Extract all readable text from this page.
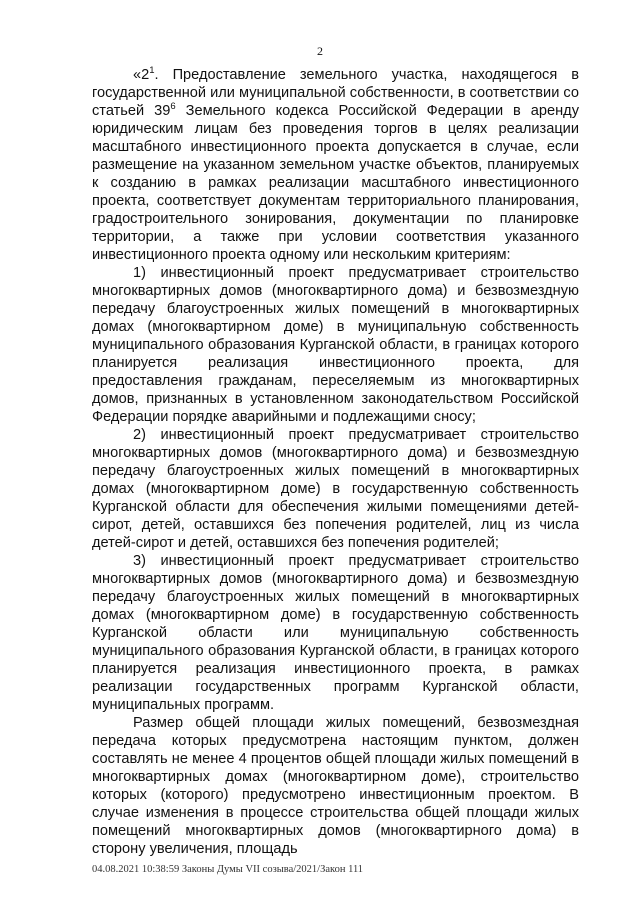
2

«$2^1$. Предоставление земельного участка, находящегося в государственной или муниципальной собственности, в соответствии со статьей $39^6$ Земельного кодекса Российской Федерации в аренду юридическим лицам без проведения торгов в целях реализации масштабного инвестиционного проекта допускается в случае, если размещение на указанном земельном участке объектов, планируемых к созданию в рамках реализации масштабного инвестиционного проекта, соответствует документам территориального планирования, градостроительного зонирования, документации по планировке территории, а также при условии соответствия указанного инвестиционного проекта одному или нескольким критериям:

1) инвестиционный проект предусматривает строительство многоквартирных домов (многоквартирного дома) и безвозмездную передачу благоустроенных жилых помещений в многоквартирных домах (многоквартирном доме) в муниципальную собственность муниципального образования Курганской области, в границах которого планируется реализация инвестиционного проекта, для предоставления гражданам, переселяемым из многоквартирных домов, признанных в установленном законодательством Российской Федерации порядке аварийными и подлежащими сносу;

2) инвестиционный проект предусматривает строительство многоквартирных домов (многоквартирного дома) и безвозмездную передачу благоустроенных жилых помещений в многоквартирных домах (многоквартирном доме) в государственную собственность Курганской области для обеспечения жилыми помещениями детей-сирот, детей, оставшихся без попечения родителей, лиц из числа детей-сирот и детей, оставшихся без попечения родителей;

3) инвестиционный проект предусматривает строительство многоквартирных домов (многоквартирного дома) и безвозмездную передачу благоустроенных жилых помещений в многоквартирных домах (многоквартирном доме) в государственную собственность Курганской области или муниципальную собственность муниципального образования Курганской области, в границах которого планируется реализация инвестиционного проекта, в рамках реализации государственных программ Курганской области, муниципальных программ.

Размер общей площади жилых помещений, безвозмездная передача которых предусмотрена настоящим пунктом, должен составлять не менее 4 процентов общей площади жилых помещений в многоквартирных домах (многоквартирном доме), строительство которых (которого) предусмотрено инвестиционным проектом. В случае изменения в процессе строительства общей площади жилых помещений многоквартирных домов (многоквартирного дома) в сторону увеличения, площадь

04.08.2021 10:38:59 Законы Думы VII созыва/2021/Закон 111
